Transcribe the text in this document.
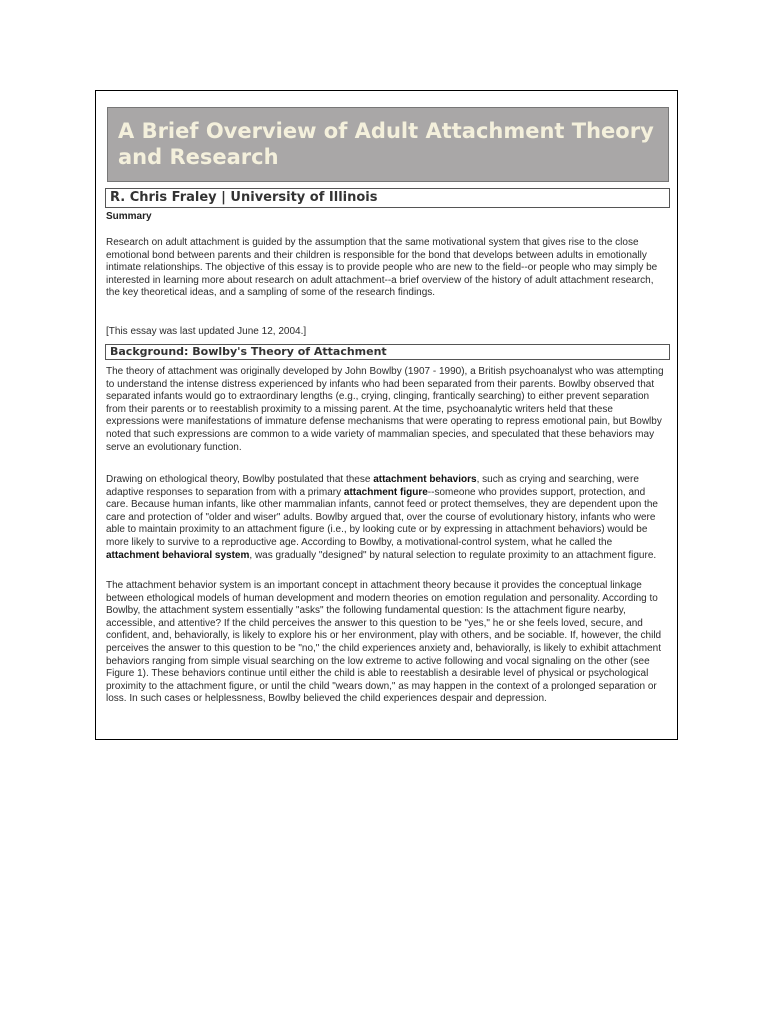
A Brief Overview of Adult Attachment Theory and Research
R. Chris Fraley | University of Illinois
Summary

Research on adult attachment is guided by the assumption that the same motivational system that gives rise to the close emotional bond between parents and their children is responsible for the bond that develops between adults in emotionally intimate relationships. The objective of this essay is to provide people who are new to the field--or people who may simply be interested in learning more about research on adult attachment--a brief overview of the history of adult attachment research, the key theoretical ideas, and a sampling of some of the research findings.

[This essay was last updated June 12, 2004.]

Background: Bowlby's Theory of Attachment

The theory of attachment was originally developed by John Bowlby (1907 - 1990), a British psychoanalyst who was attempting to understand the intense distress experienced by infants who had been separated from their parents. Bowlby observed that separated infants would go to extraordinary lengths (e.g., crying, clinging, frantically searching) to either prevent separation from their parents or to reestablish proximity to a missing parent. At the time, psychoanalytic writers held that these expressions were manifestations of immature defense mechanisms that were operating to repress emotional pain, but Bowlby noted that such expressions are common to a wide variety of mammalian species, and speculated that these behaviors may serve an evolutionary function.

Drawing on ethological theory, Bowlby postulated that these attachment behaviors, such as crying and searching, were adaptive responses to separation from with a primary attachment figure--someone who provides support, protection, and care. Because human infants, like other mammalian infants, cannot feed or protect themselves, they are dependent upon the care and protection of "older and wiser" adults. Bowlby argued that, over the course of evolutionary history, infants who were able to maintain proximity to an attachment figure (i.e., by looking cute or by expressing in attachment behaviors) would be more likely to survive to a reproductive age. According to Bowlby, a motivational-control system, what he called the attachment behavioral system, was gradually "designed" by natural selection to regulate proximity to an attachment figure.

The attachment behavior system is an important concept in attachment theory because it provides the conceptual linkage between ethological models of human development and modern theories on emotion regulation and personality. According to Bowlby, the attachment system essentially "asks" the following fundamental question: Is the attachment figure nearby, accessible, and attentive? If the child perceives the answer to this question to be "yes," he or she feels loved, secure, and confident, and, behaviorally, is likely to explore his or her environment, play with others, and be sociable. If, however, the child perceives the answer to this question to be "no," the child experiences anxiety and, behaviorally, is likely to exhibit attachment behaviors ranging from simple visual searching on the low extreme to active following and vocal signaling on the other (see Figure 1). These behaviors continue until either the child is able to reestablish a desirable level of physical or psychological proximity to the attachment figure, or until the child "wears down," as may happen in the context of a prolonged separation or loss. In such cases or helplessness, Bowlby believed the child experiences despair and depression.
